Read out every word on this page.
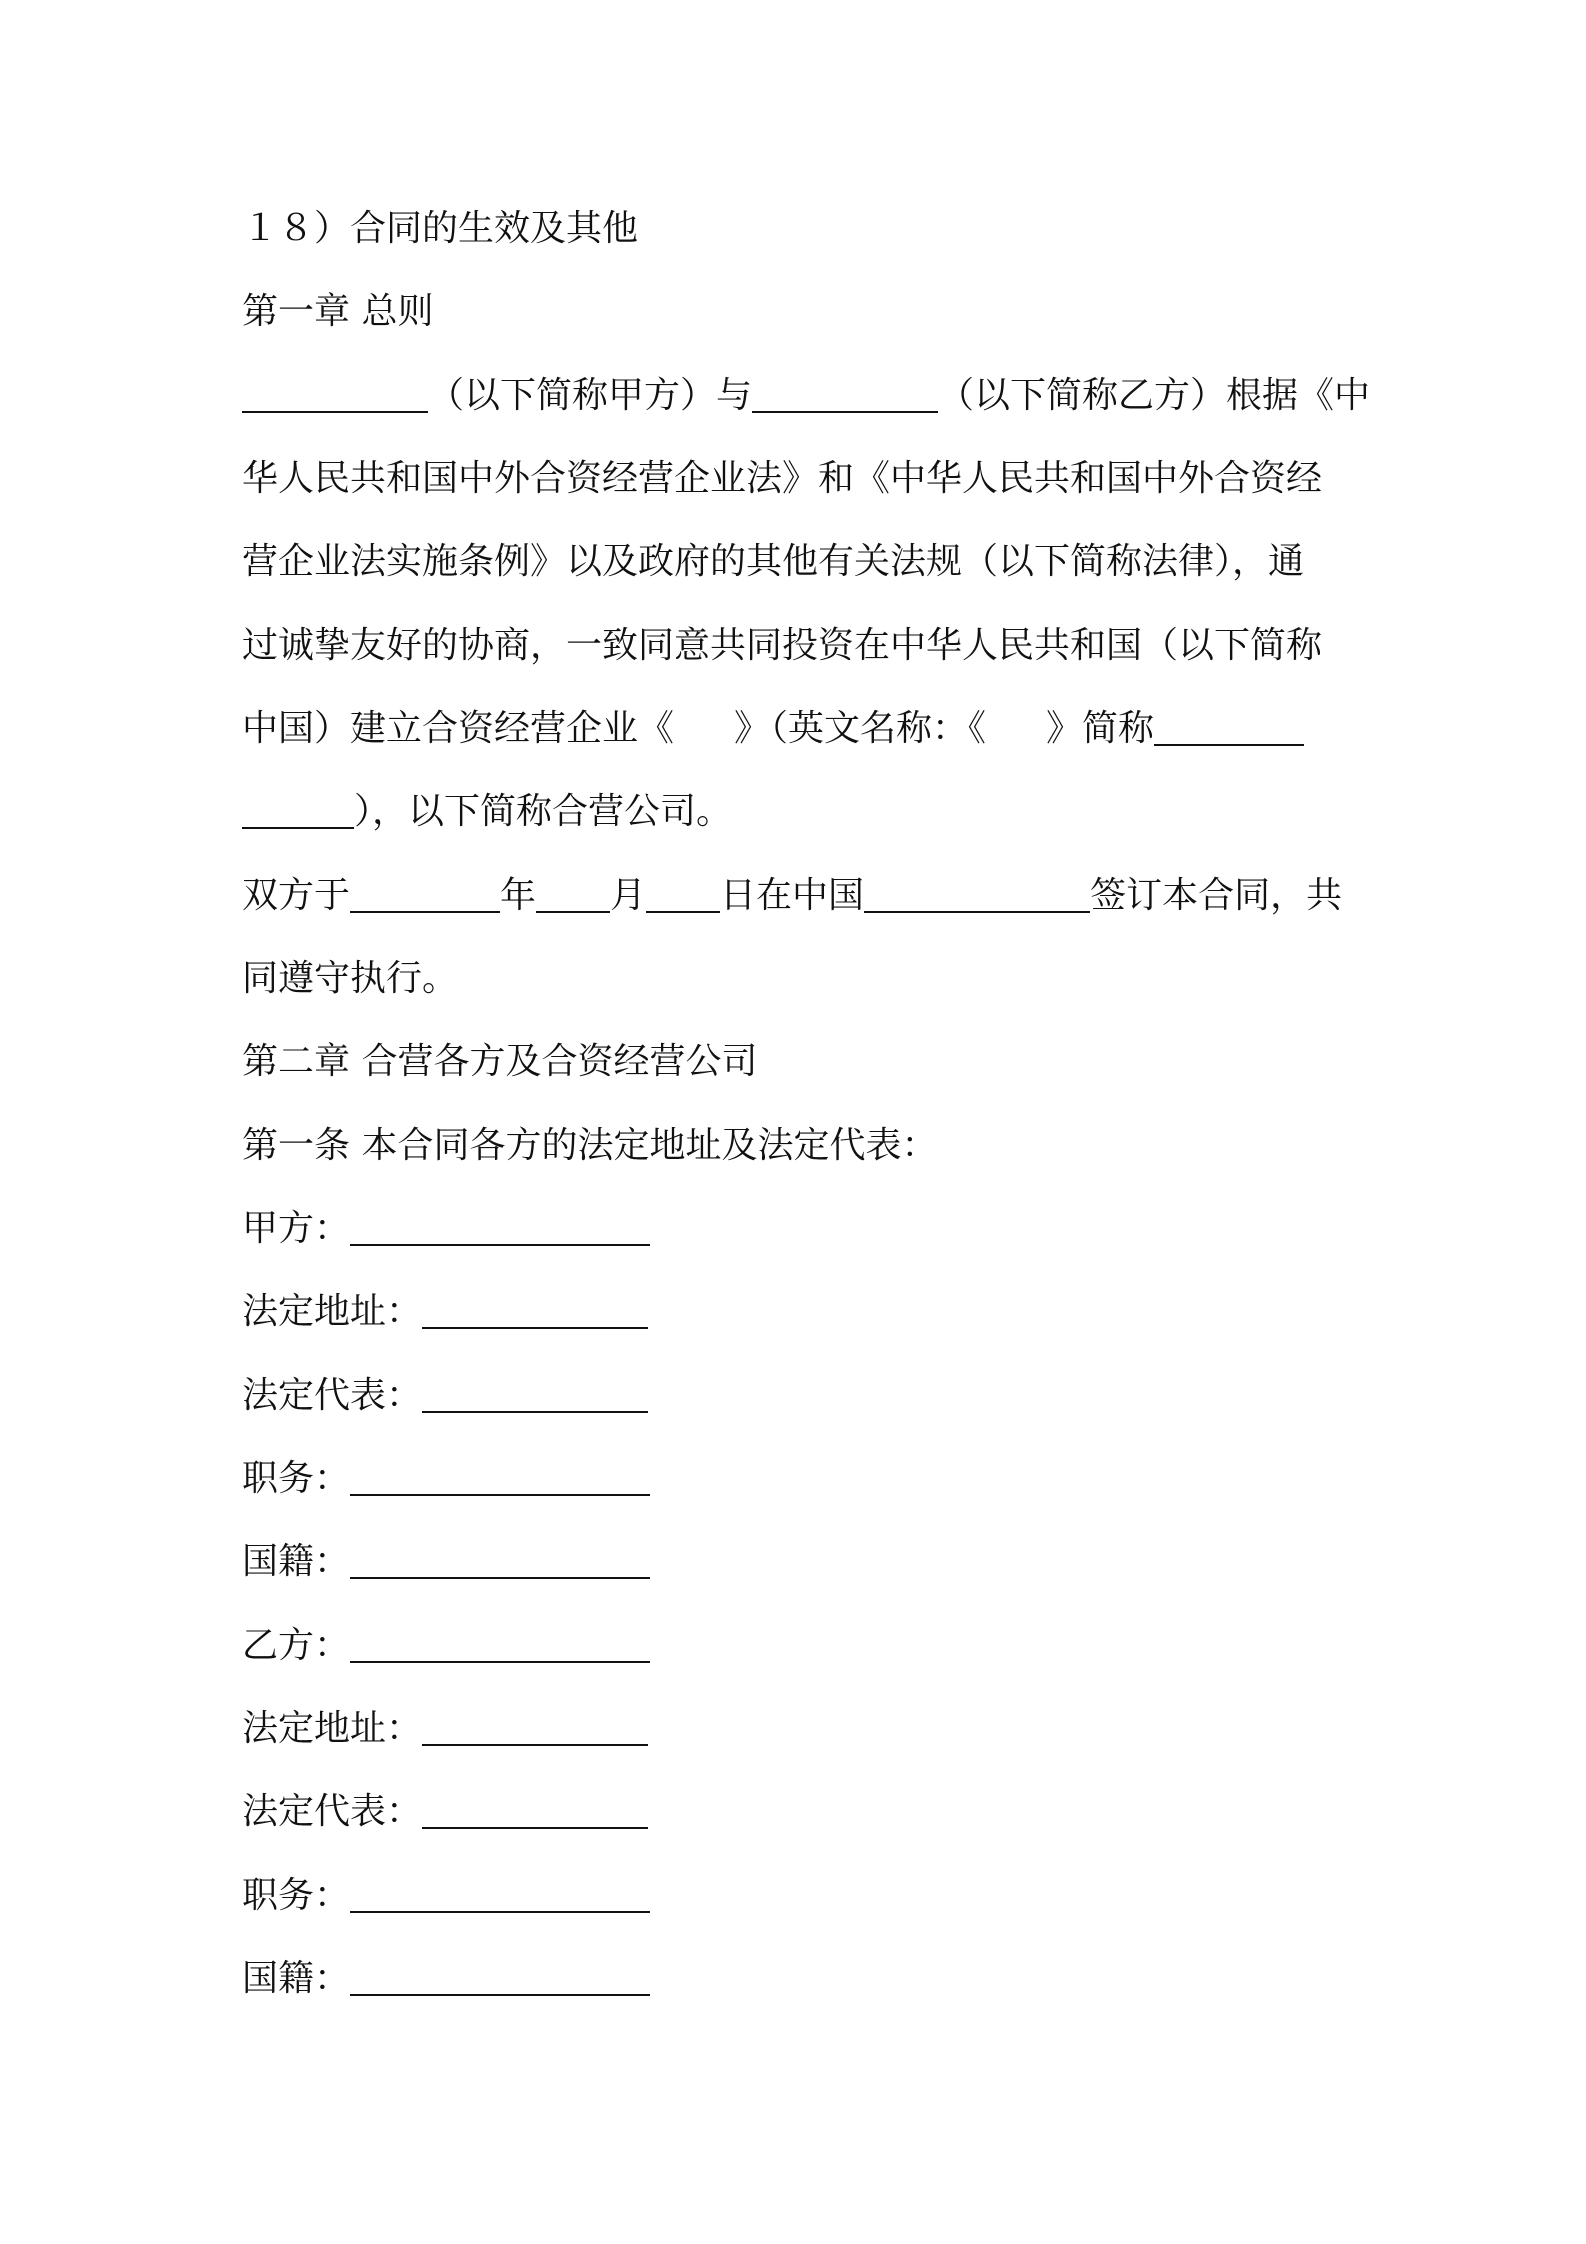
１８）合同的生效及其他
第一章 总则
（以下简称甲方）与	（以下简称乙方）根据《中
华人民共和国中外合资经营企业法》和《中华人民共和国中外合资经
营企业法实施条例》以及政府的其他有关法规（以下简称法律），通
过诚挚友好的协商，一致同意共同投资在中华人民共和国（以下简称
中国）建立合资经营企业《 》（英文名称：《 》简称
），以下简称合营公司。
双方于	年 月 日在中国	签订本合同，共
同遵守执行。
第二章 合营各方及合资经营公司
第一条 本合同各方的法定地址及法定代表：
甲方：
法定地址：
法定代表：
职务：
国籍：
乙方：
法定地址：
法定代表：
职务：
国籍：
